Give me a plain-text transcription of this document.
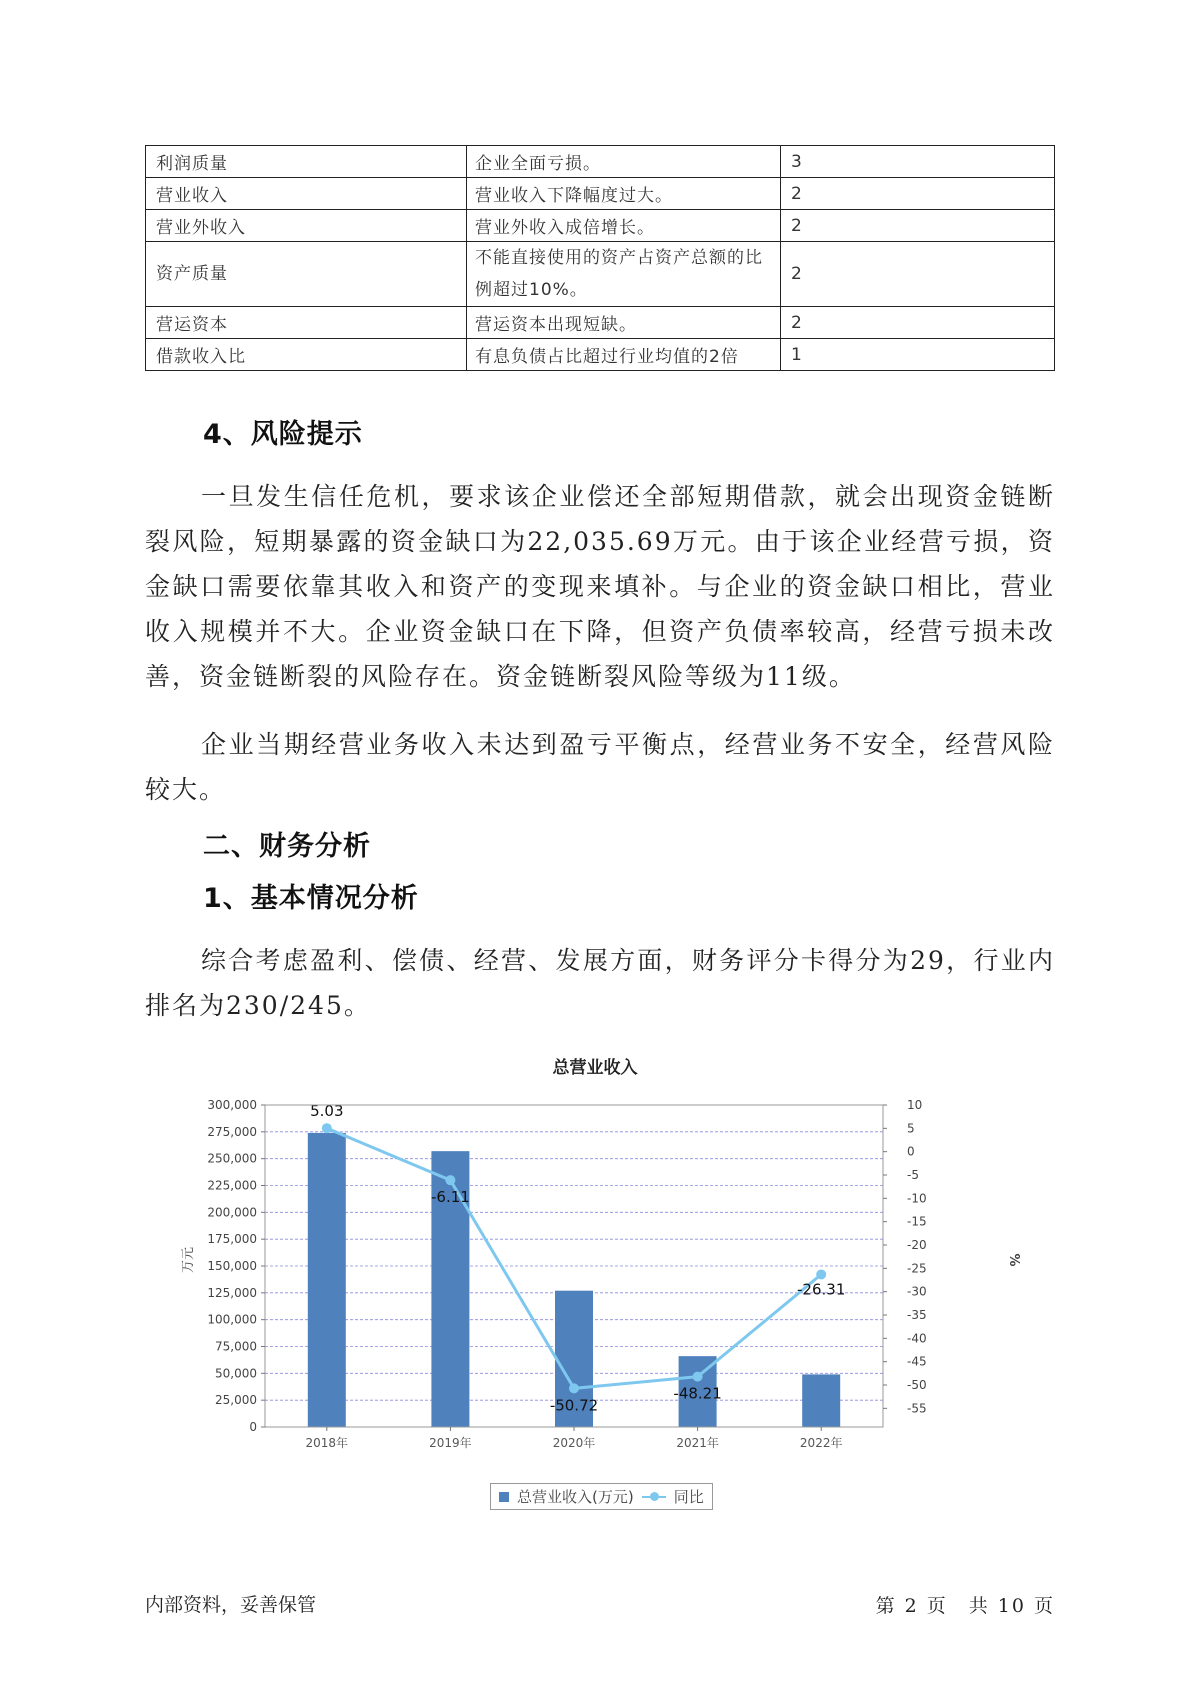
利润质量	企业全面亏损。	3
营业收入	营业收入下降幅度过大。	2
营业外收入	营业外收入成倍增长。	2
资产质量	不能直接使用的资产占资产总额的比例超过10%。	2
营运资本	营运资本出现短缺。	2
借款收入比	有息负债占比超过行业均值的2倍	1
4、风险提示

一旦发生信任危机，要求该企业偿还全部短期借款，就会出现资金链断裂风险，短期暴露的资金缺口为22,035.69万元。由于该企业经营亏损，资金缺口需要依靠其收入和资产的变现来填补。与企业的资金缺口相比，营业收入规模并不大。企业资金缺口在下降，但资产负债率较高，经营亏损未改善，资金链断裂的风险存在。资金链断裂风险等级为11级。

企业当期经营业务收入未达到盈亏平衡点，经营业务不安全，经营风险较大。

二、财务分析
1、基本情况分析

综合考虑盈利、偿债、经营、发展方面，财务评分卡得分为29，行业内排名为230/245。

总营业收入
万元	%
5.03
-6.11
-50.72
-48.21
-26.31
300,000
275,000
250,000
225,000
200,000
175,000
150,000
125,000
100,000
75,000
50,000
25,000
0
10
5
0
-5
-10
-15
-20
-25
-30
-35
-40
-45
-50
-55
2018年	2019年	2020年	2021年	2022年
总营业收入(万元)	同比
内部资料，妥善保管	第 2 页　共 10 页
